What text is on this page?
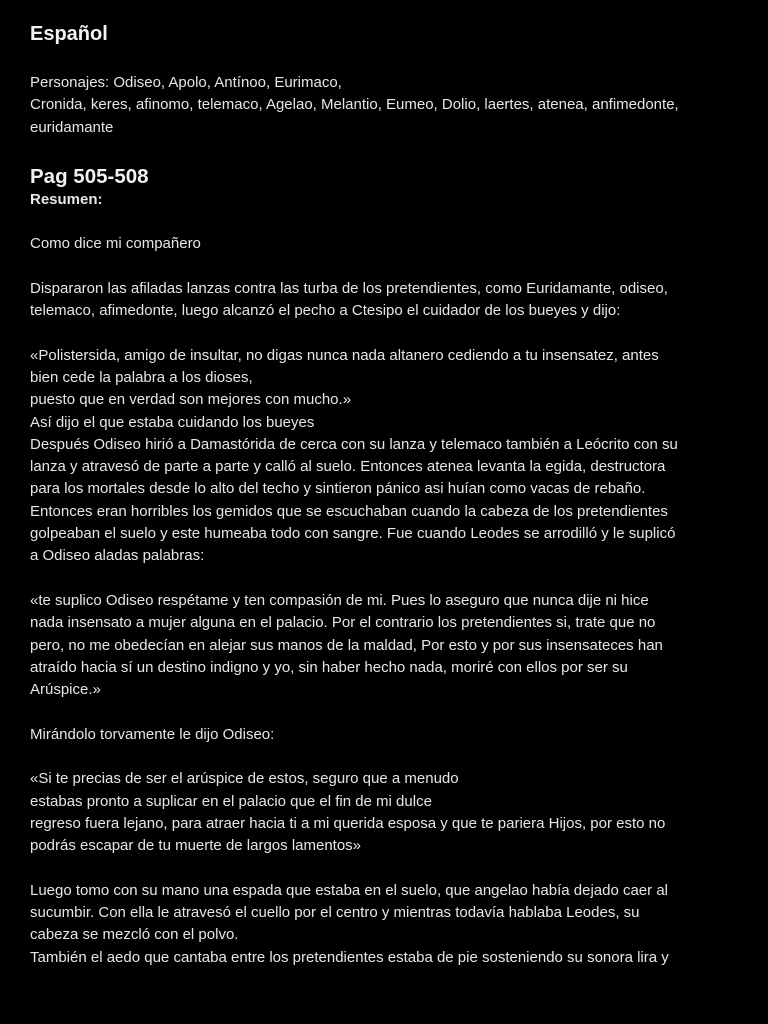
Español

Personajes: Odiseo, Apolo, Antínoo, Eurimaco,

Cronida, keres, afinomo, telemaco, Agelao, Melantio, Eumeo, Dolio, laertes, atenea, anfimedonte,

euridamante

Pag 505-508

Resumen:

Como dice mi compañero

Dispararon las afiladas lanzas contra las turba de los pretendientes, como Euridamante, odiseo,

telemaco, afimedonte, luego alcanzó el pecho a Ctesipo el cuidador de los bueyes y dijo:

«Polistersida, amigo de insultar, no digas nunca nada altanero cediendo a tu insensatez, antes

bien cede la palabra a los dioses,

puesto que en verdad son mejores con mucho.»

Así dijo el que estaba cuidando los bueyes

Después Odiseo hirió a Damastórida de cerca con su lanza y telemaco también a Leócrito con su

lanza y atravesó de parte a parte y calló al suelo. Entonces atenea levanta la egida, destructora

para los mortales desde lo alto del techo y sintieron pánico asi huían como vacas de rebaño.

Entonces eran horribles los gemidos que se escuchaban cuando la cabeza de los pretendientes

golpeaban el suelo y este humeaba todo con sangre. Fue cuando Leodes se arrodilló y le suplicó

a Odiseo aladas palabras:

«te suplico Odiseo respétame y ten compasión de mi. Pues lo aseguro que nunca dije ni hice

nada insensato a mujer alguna en el palacio. Por el contrario los pretendientes si, trate que no

pero, no me obedecían en alejar sus manos de la maldad, Por esto y por sus insensateces han

atraído hacia sí un destino indigno y yo, sin haber hecho nada, moriré con ellos por ser su

Arúspice.»

Mirándolo torvamente le dijo Odiseo:

«Si te precias de ser el arúspice de estos, seguro que a menudo

estabas pronto a suplicar en el palacio que el fin de mi dulce

regreso fuera lejano, para atraer hacia ti a mi querida esposa y que te pariera Hijos, por esto no

podrás escapar de tu muerte de largos lamentos»

Luego tomo con su mano una espada que estaba en el suelo, que angelao había dejado caer al

sucumbir. Con ella le atravesó el cuello por el centro y mientras todavía hablaba Leodes, su

cabeza se mezcló con el polvo.

También el aedo que cantaba entre los pretendientes estaba de pie sosteniendo su sonora lira y
